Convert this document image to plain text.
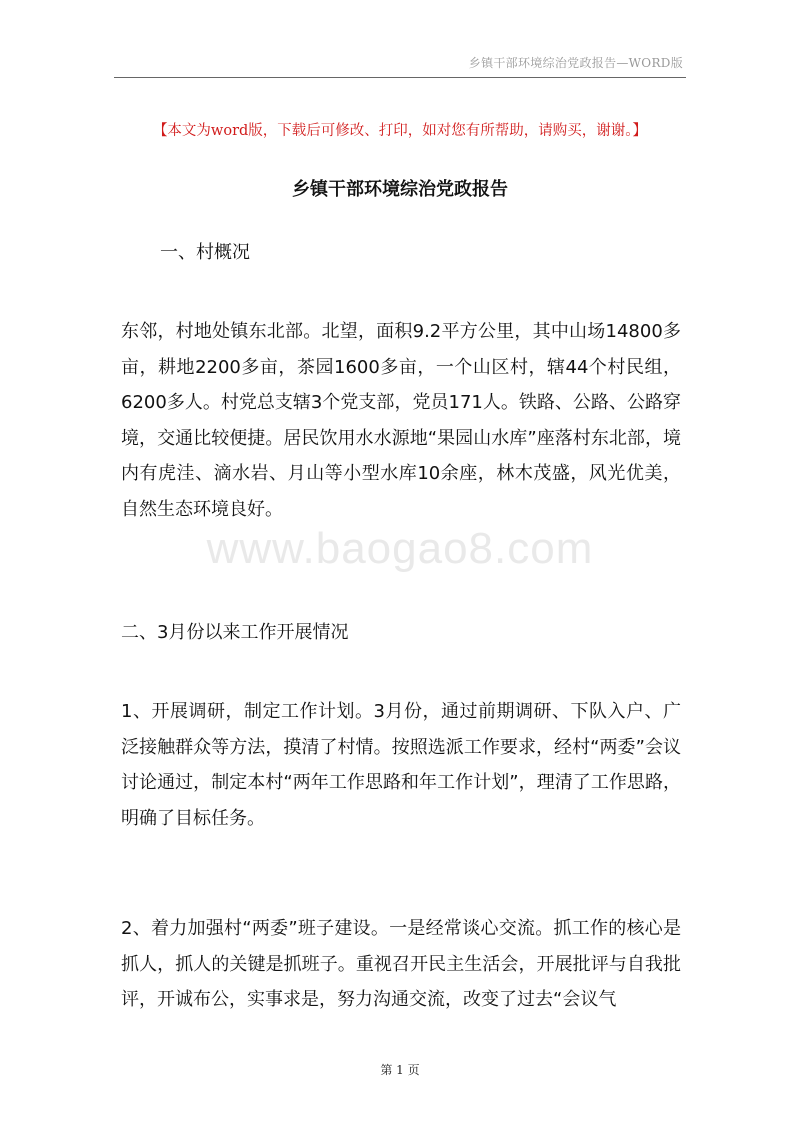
乡镇干部环境综治党政报告—WORD版
【本文为word版，下载后可修改、打印，如对您有所帮助，请购买，谢谢。】
乡镇干部环境综治党政报告
一、村概况

东邻，村地处镇东北部。北望，面积9.2平方公里，其中山场14800多亩，耕地2200多亩，茶园1600多亩，一个山区村，辖44个村民组，6200多人。村党总支辖3个党支部，党员171人。铁路、公路、公路穿境，交通比较便捷。居民饮用水水源地“果园山水库”座落村东北部，境内有虎洼、滴水岩、月山等小型水库10余座，林木茂盛，风光优美，自然生态环境良好。

www.baogao8.com
二、3月份以来工作开展情况

1、开展调研，制定工作计划。3月份，通过前期调研、下队入户、广泛接触群众等方法，摸清了村情。按照选派工作要求，经村“两委”会议讨论通过，制定本村“两年工作思路和年工作计划”，理清了工作思路，明确了目标任务。

2、着力加强村“两委”班子建设。一是经常谈心交流。抓工作的核心是抓人，抓人的关键是抓班子。重视召开民主生活会，开展批评与自我批评，开诚布公，实事求是，努力沟通交流，改变了过去“会议气

第 1 页
